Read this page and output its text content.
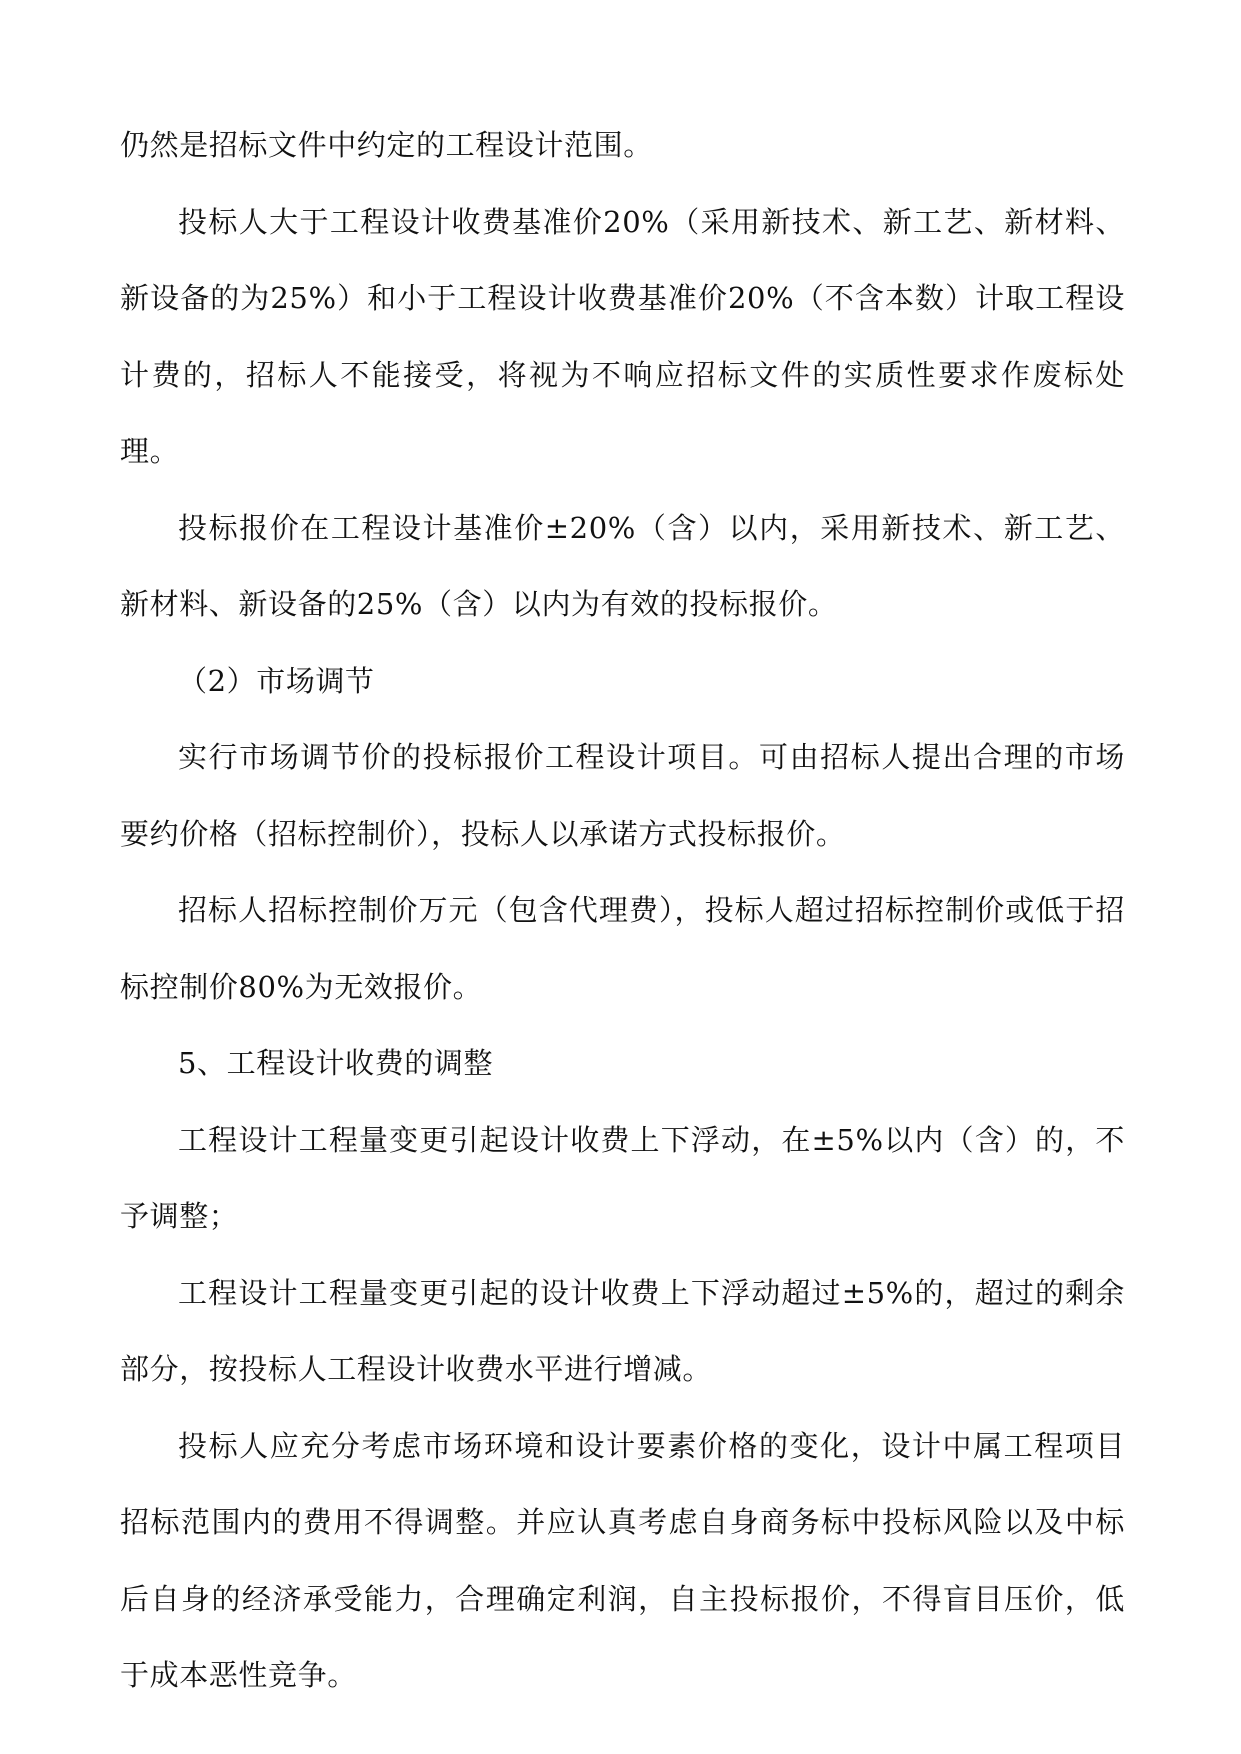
仍然是招标文件中约定的工程设计范围。

投标人大于工程设计收费基准价20%（采用新技术、新工艺、新材料、新设备的为25%）和小于工程设计收费基准价20%（不含本数）计取工程设计费的，招标人不能接受，将视为不响应招标文件的实质性要求作废标处理。

投标报价在工程设计基准价±20%（含）以内，采用新技术、新工艺、新材料、新设备的25%（含）以内为有效的投标报价。

（2）市场调节

实行市场调节价的投标报价工程设计项目。可由招标人提出合理的市场要约价格（招标控制价），投标人以承诺方式投标报价。

招标人招标控制价万元（包含代理费），投标人超过招标控制价或低于招标控制价80%为无效报价。

5、工程设计收费的调整

工程设计工程量变更引起设计收费上下浮动，在±5%以内（含）的，不予调整；

工程设计工程量变更引起的设计收费上下浮动超过±5%的，超过的剩余部分，按投标人工程设计收费水平进行增减。

投标人应充分考虑市场环境和设计要素价格的变化，设计中属工程项目招标范围内的费用不得调整。并应认真考虑自身商务标中投标风险以及中标后自身的经济承受能力，合理确定利润，自主投标报价，不得盲目压价，低于成本恶性竞争。
